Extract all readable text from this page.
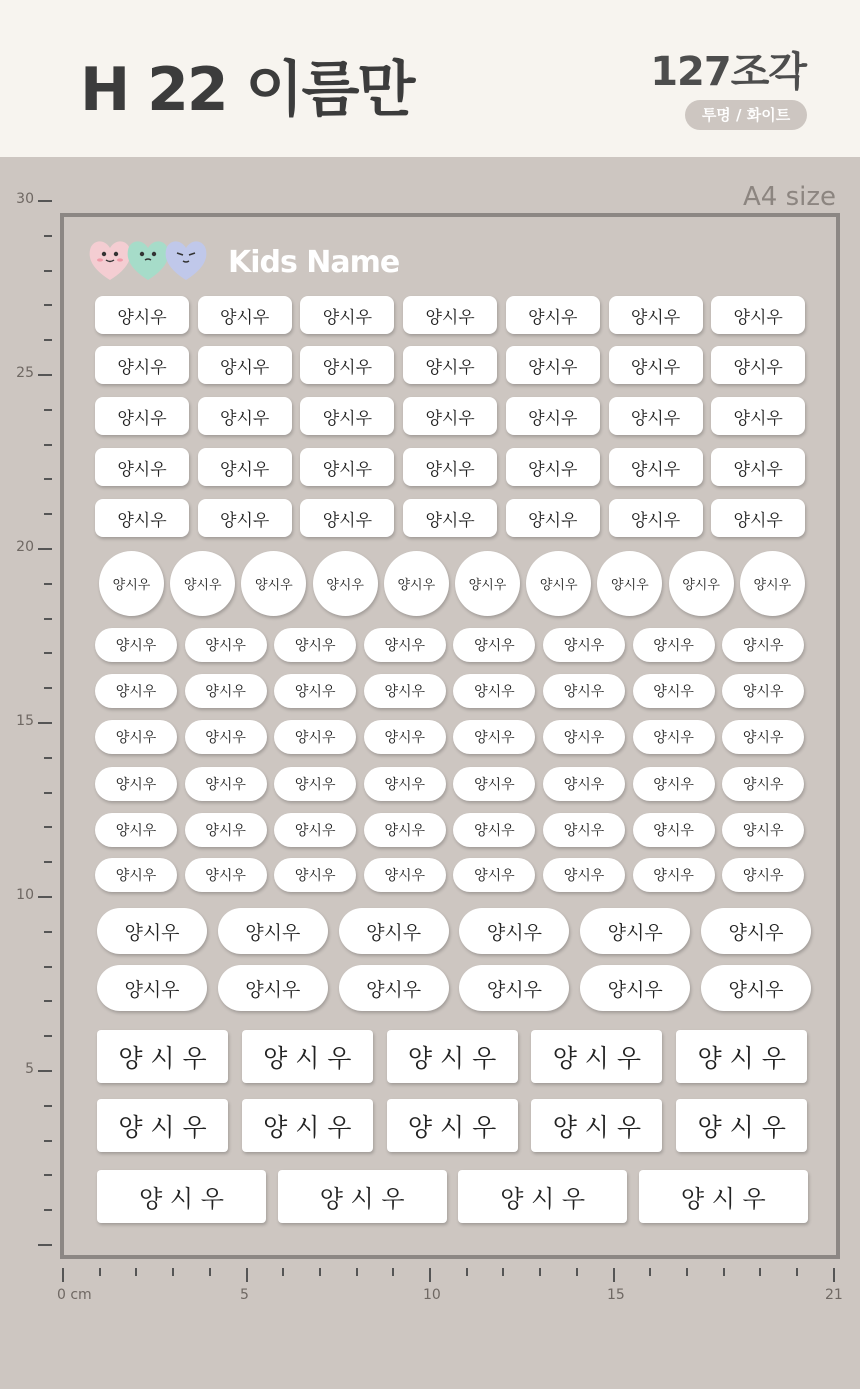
H 22 이름만	127조각
투명 / 화이트
A4 size
30
25
20
15
10
5
0 cm	5	10	15	21
Kids Name
양시우	양시우	양시우	양시우	양시우	양시우	양시우
양시우	양시우	양시우	양시우	양시우	양시우	양시우
양시우	양시우	양시우	양시우	양시우	양시우	양시우
양시우	양시우	양시우	양시우	양시우	양시우	양시우
양시우	양시우	양시우	양시우	양시우	양시우	양시우
양시우	양시우	양시우	양시우	양시우	양시우	양시우	양시우	양시우	양시우
양시우	양시우	양시우	양시우	양시우	양시우	양시우	양시우
양시우	양시우	양시우	양시우	양시우	양시우	양시우	양시우
양시우	양시우	양시우	양시우	양시우	양시우	양시우	양시우
양시우	양시우	양시우	양시우	양시우	양시우	양시우	양시우
양시우	양시우	양시우	양시우	양시우	양시우	양시우	양시우
양시우	양시우	양시우	양시우	양시우	양시우	양시우	양시우
양시우	양시우	양시우	양시우	양시우	양시우
양시우	양시우	양시우	양시우	양시우	양시우
양 시 우	양 시 우	양 시 우	양 시 우	양 시 우
양 시 우	양 시 우	양 시 우	양 시 우	양 시 우
양 시 우	양 시 우	양 시 우	양 시 우
